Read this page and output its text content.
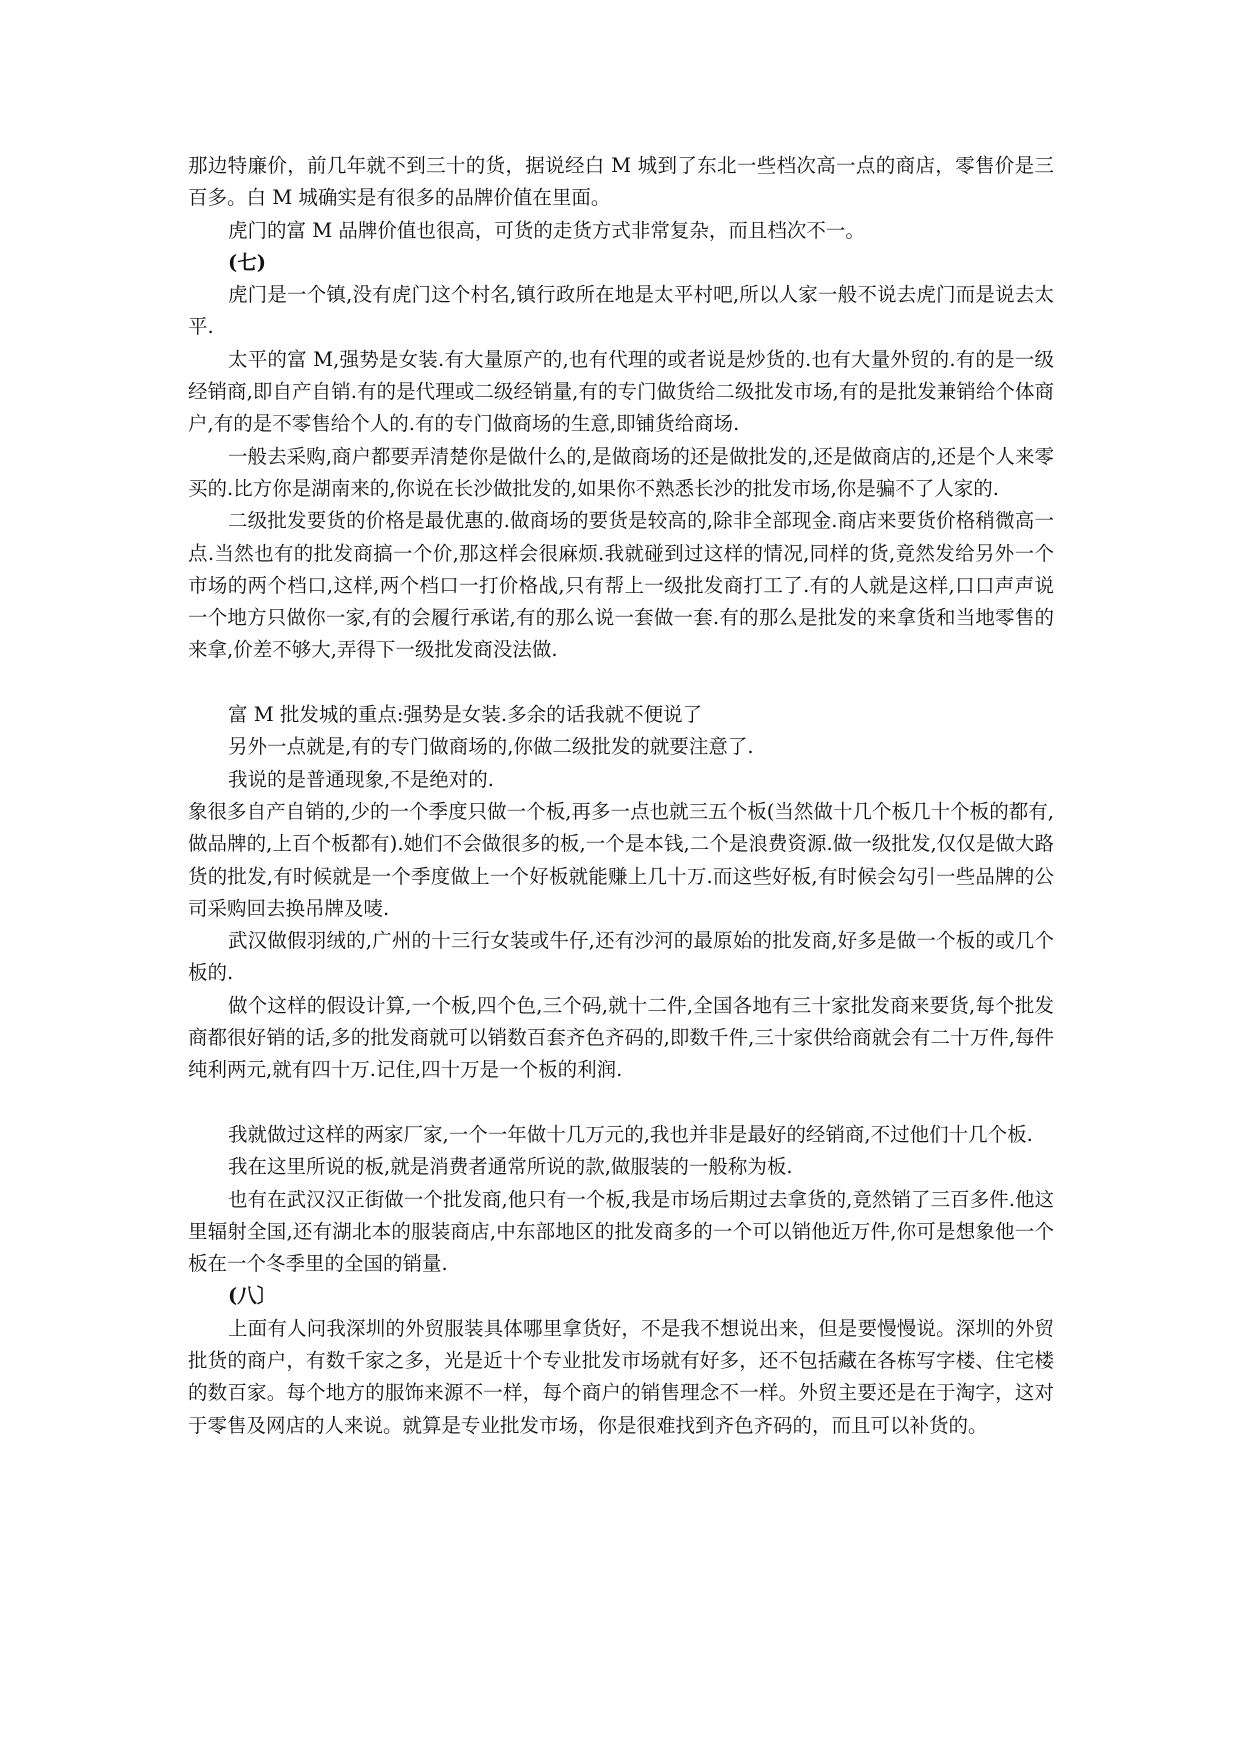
那边特廉价，前几年就不到三十的货，据说经白 M 城到了东北一些档次高一点的商店，零售价是三百多。白 M 城确实是有很多的品牌价值在里面。

虎门的富 M 品牌价值也很高，可货的走货方式非常复杂，而且档次不一。

(七)

虎门是一个镇,没有虎门这个村名,镇行政所在地是太平村吧,所以人家一般不说去虎门而是说去太平.

太平的富 M,强势是女装.有大量原产的,也有代理的或者说是炒货的.也有大量外贸的.有的是一级经销商,即自产自销.有的是代理或二级经销量,有的专门做货给二级批发市场,有的是批发兼销给个体商户,有的是不零售给个人的.有的专门做商场的生意,即铺货给商场.

一般去采购,商户都要弄清楚你是做什么的,是做商场的还是做批发的,还是做商店的,还是个人来零买的.比方你是湖南来的,你说在长沙做批发的,如果你不熟悉长沙的批发市场,你是骗不了人家的.

二级批发要货的价格是最优惠的.做商场的要货是较高的,除非全部现金.商店来要货价格稍微高一点.当然也有的批发商搞一个价,那这样会很麻烦.我就碰到过这样的情况,同样的货,竟然发给另外一个市场的两个档口,这样,两个档口一打价格战,只有帮上一级批发商打工了.有的人就是这样,口口声声说一个地方只做你一家,有的会履行承诺,有的那么说一套做一套.有的那么是批发的来拿货和当地零售的来拿,价差不够大,弄得下一级批发商没法做.

富 M 批发城的重点:强势是女装.多余的话我就不便说了

另外一点就是,有的专门做商场的,你做二级批发的就要注意了.

我说的是普通现象,不是绝对的.

象很多自产自销的,少的一个季度只做一个板,再多一点也就三五个板(当然做十几个板几十个板的都有,做品牌的,上百个板都有).她们不会做很多的板,一个是本钱,二个是浪费资源.做一级批发,仅仅是做大路货的批发,有时候就是一个季度做上一个好板就能赚上几十万.而这些好板,有时候会勾引一些品牌的公司采购回去换吊牌及唛.

武汉做假羽绒的,广州的十三行女装或牛仔,还有沙河的最原始的批发商,好多是做一个板的或几个板的.

做个这样的假设计算,一个板,四个色,三个码,就十二件,全国各地有三十家批发商来要货,每个批发商都很好销的话,多的批发商就可以销数百套齐色齐码的,即数千件,三十家供给商就会有二十万件,每件纯利两元,就有四十万.记住,四十万是一个板的利润.

我就做过这样的两家厂家,一个一年做十几万元的,我也并非是最好的经销商,不过他们十几个板.

我在这里所说的板,就是消费者通常所说的款,做服装的一般称为板.

也有在武汉汉正街做一个批发商,他只有一个板,我是市场后期过去拿货的,竟然销了三百多件.他这里辐射全国,还有湖北本的服装商店,中东部地区的批发商多的一个可以销他近万件,你可是想象他一个板在一个冬季里的全国的销量.

(八〕

上面有人问我深圳的外贸服装具体哪里拿货好，不是我不想说出来，但是要慢慢说。深圳的外贸批货的商户，有数千家之多，光是近十个专业批发市场就有好多，还不包括藏在各栋写字楼、住宅楼的数百家。每个地方的服饰来源不一样，每个商户的销售理念不一样。外贸主要还是在于淘字，这对于零售及网店的人来说。就算是专业批发市场，你是很难找到齐色齐码的，而且可以补货的。
